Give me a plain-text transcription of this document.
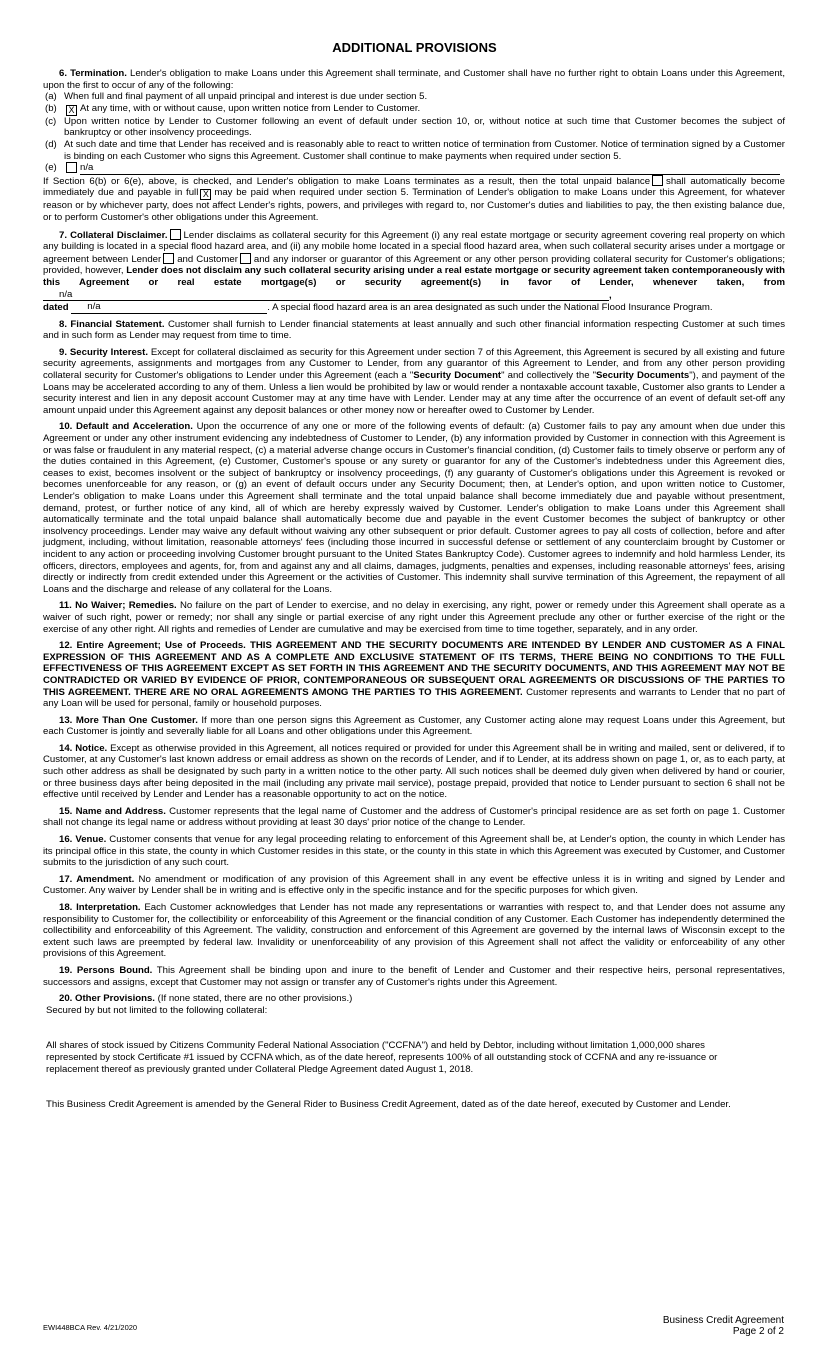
ADDITIONAL PROVISIONS

6. Termination. Lender's obligation to make Loans under this Agreement shall terminate, and Customer shall have no further right to obtain Loans under this Agreement, upon the first to occur of any of the following:

(a) When full and final payment of all unpaid principal and interest is due under section 5.
(b)	X At any time, with or without cause, upon written notice from Lender to Customer.
(c) Upon written notice by Lender to Customer following an event of default under section 10, or, without notice at such time that Customer becomes the subject of bankruptcy or other insolvency proceedings.
(d) At such date and time that Lender has received and is reasonably able to react to written notice of termination from Customer. Notice of termination signed by a Customer is binding on each Customer who signs this Agreement. Customer shall continue to make payments when required under section 5.
(e)	n/a

If Section 6(b) or 6(e), above, is checked, and Lender's obligation to make Loans terminates as a result, then the total unpaid balance shall automatically become immediately due and payable in full X may be paid when required under section 5. Termination of Lender's obligation to make Loans under this Agreement, for whatever reason or by whichever party, does not affect Lender's rights, powers, and privileges with regard to, nor Customer's duties and liabilities to pay, the then existing balance due, or to perform Customer's other obligations under this Agreement.

7. Collateral Disclaimer. Lender disclaims as collateral security for this Agreement (i) any real estate mortgage or security agreement covering real property on which any building is located in a special flood hazard area, and (ii) any mobile home located in a special flood hazard area, when such collateral security arises under a mortgage or agreement between Lender and Customer and any indorser or guarantor of this Agreement or any other person providing collateral security for Customer's obligations; provided, however, Lender does not disclaim any such collateral security arising under a real estate mortgage or security agreement taken contemporaneously with this Agreement or real estate mortgage(s) or security agreement(s) in favor of Lender, whenever taken, from n/a	,
dated n/a	. A special flood hazard area is an area designated as such under the National Flood Insurance Program.

8. Financial Statement. Customer shall furnish to Lender financial statements at least annually and such other financial information respecting Customer at such times and in such form as Lender may request from time to time.

9. Security Interest. Except for collateral disclaimed as security for this Agreement under section 7 of this Agreement, this Agreement is secured by all existing and future security agreements, assignments and mortgages from any Customer to Lender, from any guarantor of this Agreement to Lender, and from any other person providing collateral security for Customer's obligations to Lender under this Agreement (each a "Security Document" and collectively the "Security Documents"), and payment of the Loans may be accelerated according to any of them. Unless a lien would be prohibited by law or would render a nontaxable account taxable, Customer also grants to Lender a security interest and lien in any deposit account Customer may at any time have with Lender. Lender may at any time after the occurrence of an event of default set-off any amount unpaid under this Agreement against any deposit balances or other money now or hereafter owed to Customer by Lender.

10. Default and Acceleration. Upon the occurrence of any one or more of the following events of default: (a) Customer fails to pay any amount when due under this Agreement or under any other instrument evidencing any indebtedness of Customer to Lender, (b) any information provided by Customer in connection with this Agreement is or was false or fraudulent in any material respect, (c) a material adverse change occurs in Customer's financial condition, (d) Customer fails to timely observe or perform any of the duties contained in this Agreement, (e) Customer, Customer's spouse or any surety or guarantor for any of the Customer's indebtedness under this Agreement dies, ceases to exist, becomes insolvent or the subject of bankruptcy or insolvency proceedings, (f) any guaranty of Customer's obligations under this Agreement is revoked or becomes unenforceable for any reason, or (g) an event of default occurs under any Security Document; then, at Lender's option, and upon written notice to Customer, Lender's obligation to make Loans under this Agreement shall terminate and the total unpaid balance shall become immediately due and payable without presentment, demand, protest, or further notice of any kind, all of which are hereby expressly waived by Customer. Lender's obligation to make Loans under this Agreement shall automatically terminate and the total unpaid balance shall automatically become due and payable in the event Customer becomes the subject of bankruptcy or other insolvency proceedings. Lender may waive any default without waiving any other subsequent or prior default. Customer agrees to pay all costs of collection, before and after judgment, including, without limitation, reasonable attorneys' fees (including those incurred in successful defense or settlement of any counterclaim brought by Customer or incident to any action or proceeding involving Customer brought pursuant to the United States Bankruptcy Code). Customer agrees to indemnify and hold harmless Lender, its officers, directors, employees and agents, for, from and against any and all claims, damages, judgments, penalties and expenses, including reasonable attorneys' fees, arising directly or indirectly from credit extended under this Agreement or the activities of Customer. This indemnity shall survive termination of this Agreement, the repayment of all Loans and the discharge and release of any collateral for the Loans.

11. No Waiver; Remedies. No failure on the part of Lender to exercise, and no delay in exercising, any right, power or remedy under this Agreement shall operate as a waiver of such right, power or remedy; nor shall any single or partial exercise of any right under this Agreement preclude any other or further exercise of the right or the exercise of any other right. All rights and remedies of Lender are cumulative and may be exercised from time to time together, separately, and in any order.

12. Entire Agreement; Use of Proceeds. THIS AGREEMENT AND THE SECURITY DOCUMENTS ARE INTENDED BY LENDER AND CUSTOMER AS A FINAL EXPRESSION OF THIS AGREEMENT AND AS A COMPLETE AND EXCLUSIVE STATEMENT OF ITS TERMS, THERE BEING NO CONDITIONS TO THE FULL EFFECTIVENESS OF THIS AGREEMENT EXCEPT AS SET FORTH IN THIS AGREEMENT AND THE SECURITY DOCUMENTS, AND THIS AGREEMENT MAY NOT BE CONTRADICTED OR VARIED BY EVIDENCE OF PRIOR, CONTEMPORANEOUS OR SUBSEQUENT ORAL AGREEMENTS OR DISCUSSIONS OF THE PARTIES TO THIS AGREEMENT. THERE ARE NO ORAL AGREEMENTS AMONG THE PARTIES TO THIS AGREEMENT. Customer represents and warrants to Lender that no part of any Loan will be used for personal, family or household purposes.

13. More Than One Customer. If more than one person signs this Agreement as Customer, any Customer acting alone may request Loans under this Agreement, but each Customer is jointly and severally liable for all Loans and other obligations under this Agreement.

14. Notice. Except as otherwise provided in this Agreement, all notices required or provided for under this Agreement shall be in writing and mailed, sent or delivered, if to Customer, at any Customer's last known address or email address as shown on the records of Lender, and if to Lender, at its address shown on page 1, or, as to each party, at such other address as shall be designated by such party in a written notice to the other party. All such notices shall be deemed duly given when delivered by hand or courier, or three business days after being deposited in the mail (including any private mail service), postage prepaid, provided that notice to Lender pursuant to section 6 shall not be effective until received by Lender and Lender has a reasonable opportunity to act on the notice.

15. Name and Address. Customer represents that the legal name of Customer and the address of Customer's principal residence are as set forth on page 1. Customer shall not change its legal name or address without providing at least 30 days' prior notice of the change to Lender.

16. Venue. Customer consents that venue for any legal proceeding relating to enforcement of this Agreement shall be, at Lender's option, the county in which Lender has its principal office in this state, the county in which Customer resides in this state, or the county in this state in which this Agreement was executed by Customer, and Customer submits to the jurisdiction of any such court.

17. Amendment. No amendment or modification of any provision of this Agreement shall in any event be effective unless it is in writing and signed by Lender and Customer. Any waiver by Lender shall be in writing and is effective only in the specific instance and for the specific purposes for which given.

18. Interpretation. Each Customer acknowledges that Lender has not made any representations or warranties with respect to, and that Lender does not assume any responsibility to Customer for, the collectibility or enforceability of this Agreement or the financial condition of any Customer. Each Customer has independently determined the collectibility and enforceability of this Agreement. The validity, construction and enforcement of this Agreement are governed by the internal laws of Wisconsin except to the extent such laws are preempted by federal law. Invalidity or unenforceability of any provision of this Agreement shall not affect the validity or enforceability of any other provisions of this Agreement.

19. Persons Bound. This Agreement shall be binding upon and inure to the benefit of Lender and Customer and their respective heirs, personal representatives, successors and assigns, except that Customer may not assign or transfer any of Customer's rights under this Agreement.

20. Other Provisions. (If none stated, there are no other provisions.)

Secured by but not limited to the following collateral:

All shares of stock issued by Citizens Community Federal National Association ("CCFNA") and held by Debtor, including without limitation 1,000,000 shares represented by stock Certificate #1 issued by CCFNA which, as of the date hereof, represents 100% of all outstanding stock of CCFNA and any re-issuance or replacement thereof as previously granted under Collateral Pledge Agreement dated August 1, 2018.

This Business Credit Agreement is amended by the General Rider to Business Credit Agreement, dated as of the date hereof, executed by Customer and Lender.

EWI448BCA Rev. 4/21/2020
Business Credit Agreement
Page 2 of 2
